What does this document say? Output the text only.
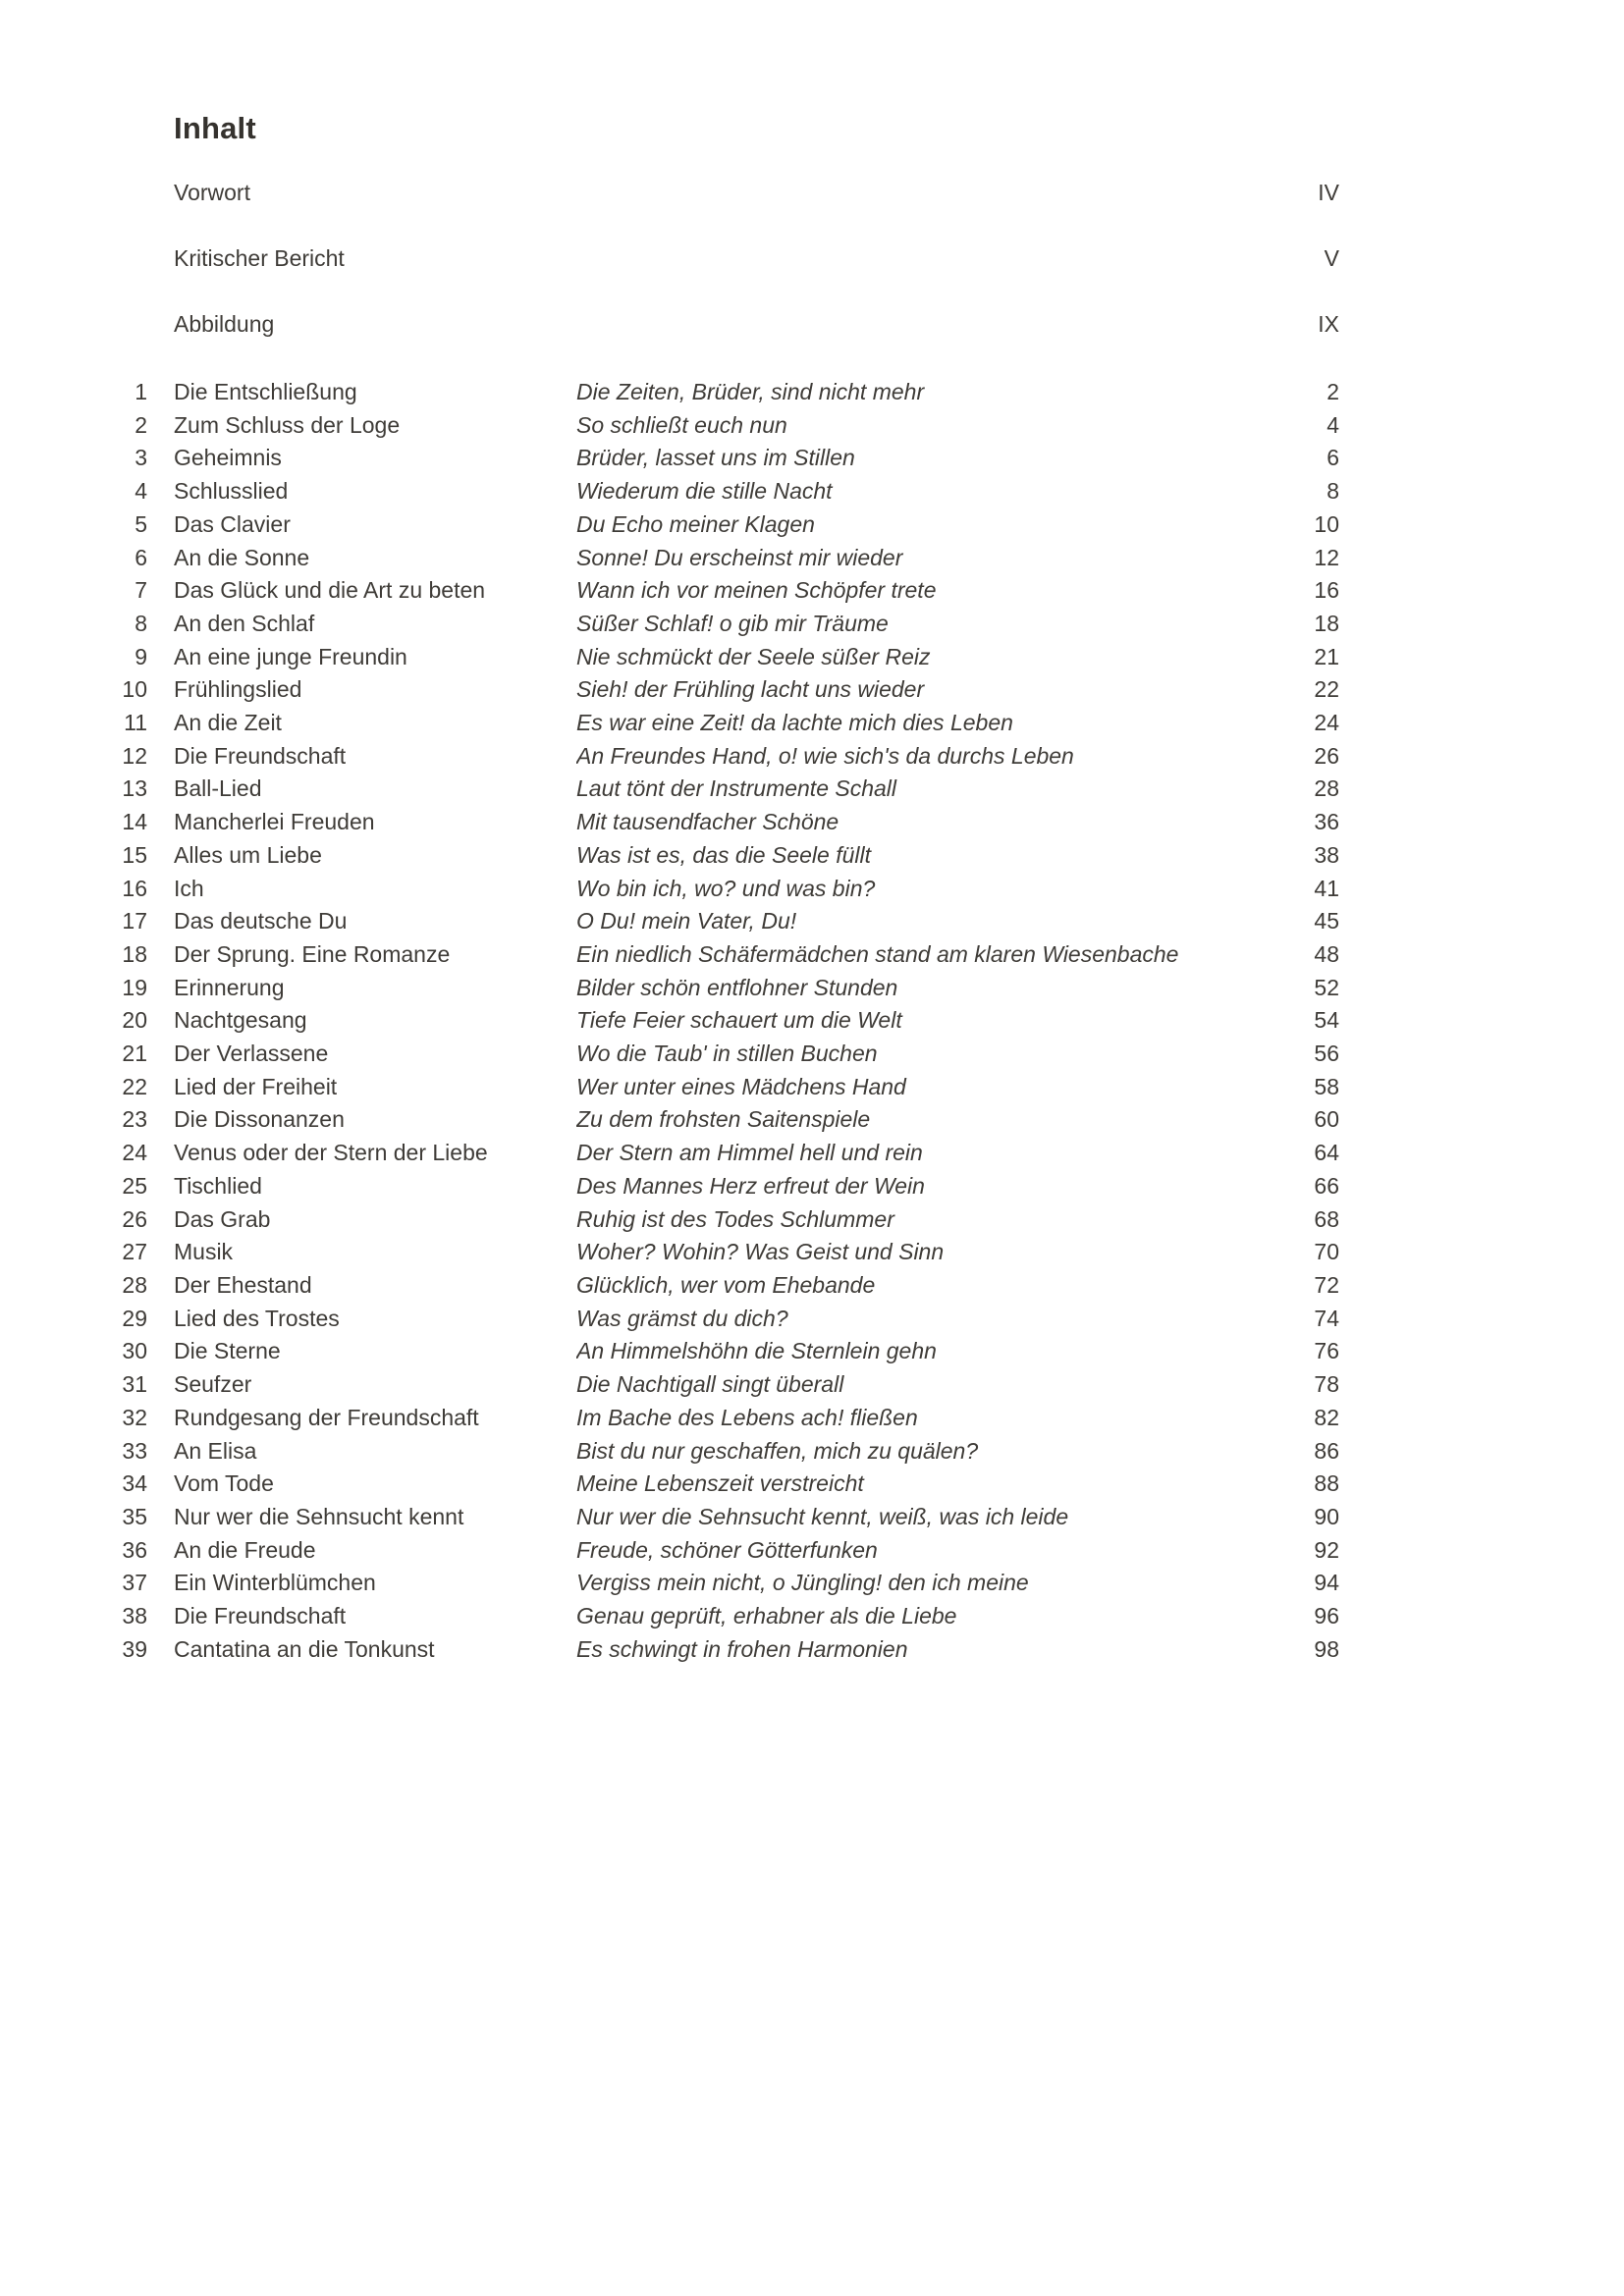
Inhalt
Vorwort	IV
Kritischer Bericht	V
Abbildung	IX
1	Die Entschließung	Die Zeiten, Brüder, sind nicht mehr	2
2	Zum Schluss der Loge	So schließt euch nun	4
3	Geheimnis	Brüder, lasset uns im Stillen	6
4	Schlusslied	Wiederum die stille Nacht	8
5	Das Clavier	Du Echo meiner Klagen	10
6	An die Sonne	Sonne! Du erscheinst mir wieder	12
7	Das Glück und die Art zu beten	Wann ich vor meinen Schöpfer trete	16
8	An den Schlaf	Süßer Schlaf! o gib mir Träume	18
9	An eine junge Freundin	Nie schmückt der Seele süßer Reiz	21
10	Frühlingslied	Sieh! der Frühling lacht uns wieder	22
11	An die Zeit	Es war eine Zeit! da lachte mich dies Leben	24
12	Die Freundschaft	An Freundes Hand, o! wie sich's da durchs Leben	26
13	Ball-Lied	Laut tönt der Instrumente Schall	28
14	Mancherlei Freuden	Mit tausendfacher Schöne	36
15	Alles um Liebe	Was ist es, das die Seele füllt	38
16	Ich	Wo bin ich, wo? und was bin?	41
17	Das deutsche Du	O Du! mein Vater, Du!	45
18	Der Sprung. Eine Romanze	Ein niedlich Schäfermädchen stand am klaren Wiesenbache	48
19	Erinnerung	Bilder schön entflohner Stunden	52
20	Nachtgesang	Tiefe Feier schauert um die Welt	54
21	Der Verlassene	Wo die Taub' in stillen Buchen	56
22	Lied der Freiheit	Wer unter eines Mädchens Hand	58
23	Die Dissonanzen	Zu dem frohsten Saitenspiele	60
24	Venus oder der Stern der Liebe	Der Stern am Himmel hell und rein	64
25	Tischlied	Des Mannes Herz erfreut der Wein	66
26	Das Grab	Ruhig ist des Todes Schlummer	68
27	Musik	Woher? Wohin? Was Geist und Sinn	70
28	Der Ehestand	Glücklich, wer vom Ehebande	72
29	Lied des Trostes	Was grämst du dich?	74
30	Die Sterne	An Himmelshöhn die Sternlein gehn	76
31	Seufzer	Die Nachtigall singt überall	78
32	Rundgesang der Freundschaft	Im Bache des Lebens ach! fließen	82
33	An Elisa	Bist du nur geschaffen, mich zu quälen?	86
34	Vom Tode	Meine Lebenszeit verstreicht	88
35	Nur wer die Sehnsucht kennt	Nur wer die Sehnsucht kennt, weiß, was ich leide	90
36	An die Freude	Freude, schöner Götterfunken	92
37	Ein Winterblümchen	Vergiss mein nicht, o Jüngling! den ich meine	94
38	Die Freundschaft	Genau geprüft, erhabner als die Liebe	96
39	Cantatina an die Tonkunst	Es schwingt in frohen Harmonien	98
